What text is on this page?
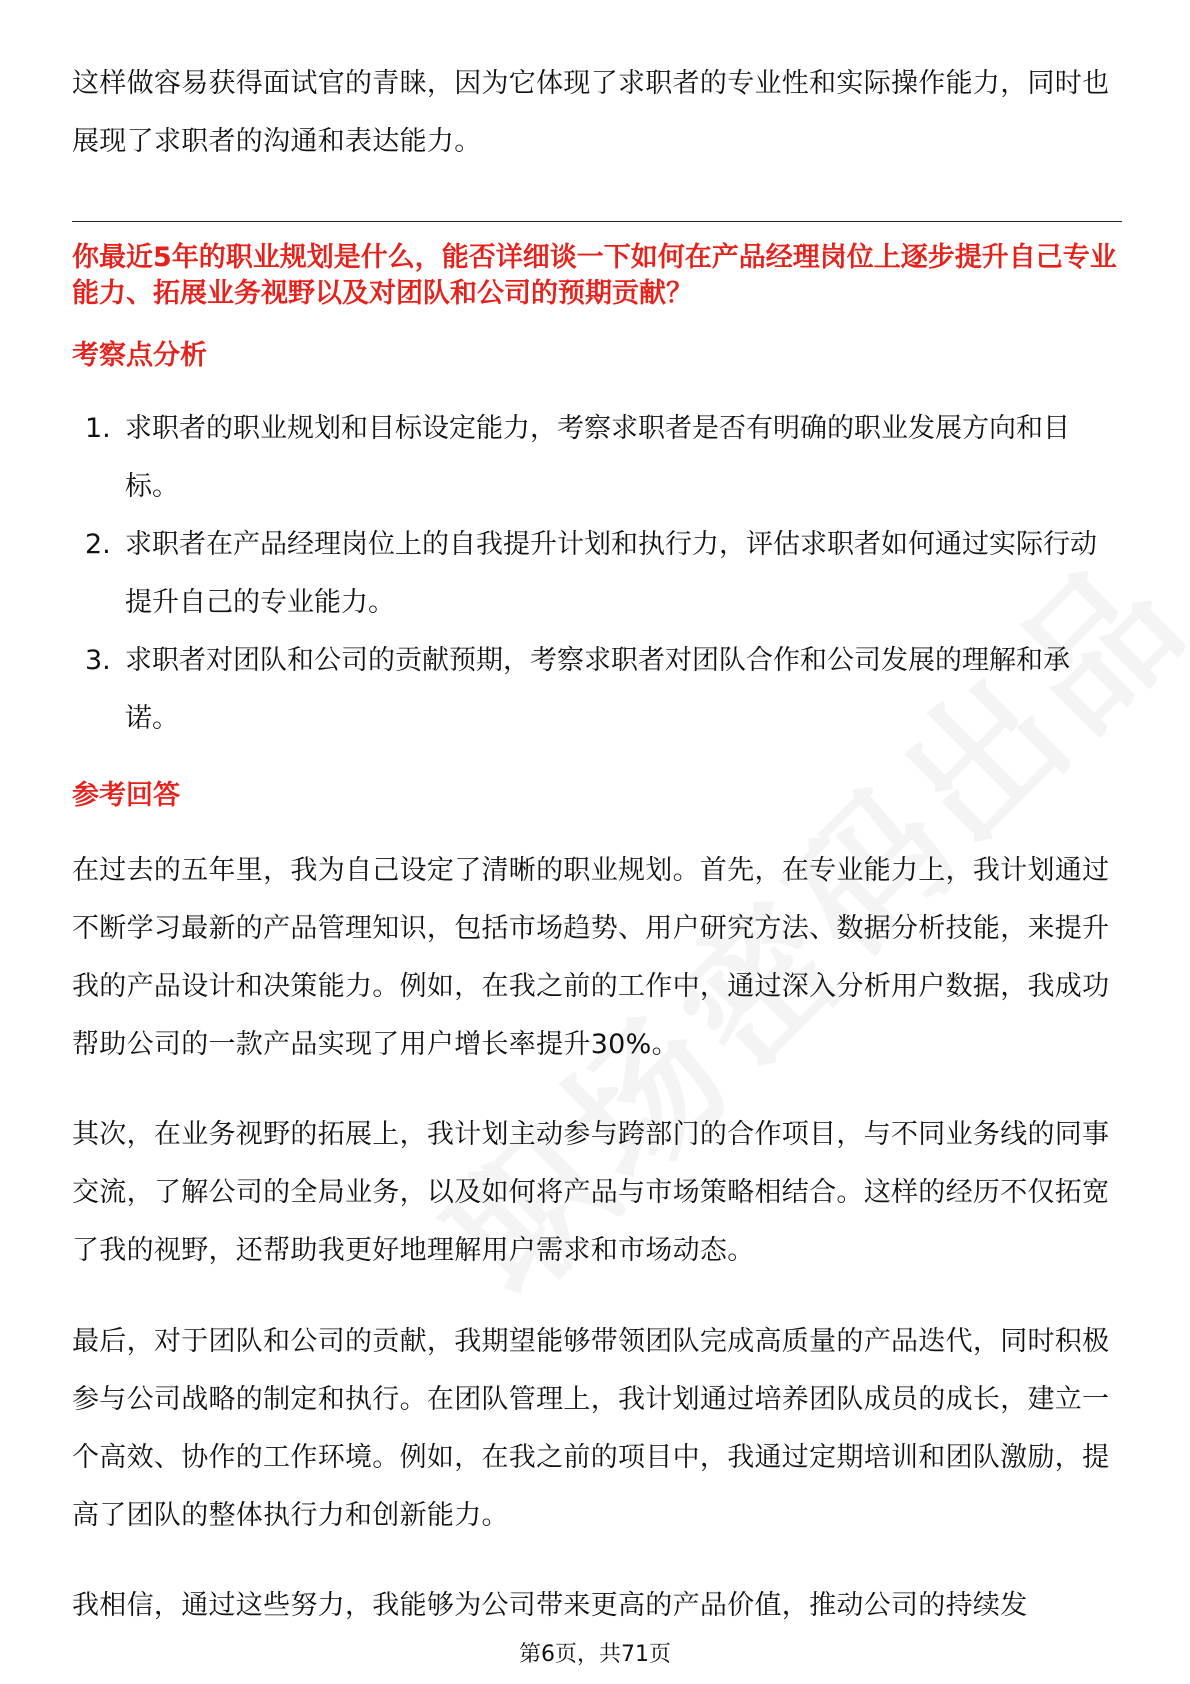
这样做容易获得面试官的青睐，因为它体现了求职者的专业性和实际操作能力，同时也展现了求职者的沟通和表达能力。

你最近5年的职业规划是什么，能否详细谈一下如何在产品经理岗位上逐步提升自己专业能力、拓展业务视野以及对团队和公司的预期贡献？

考察点分析

1. 求职者的职业规划和目标设定能力，考察求职者是否有明确的职业发展方向和目标。
2. 求职者在产品经理岗位上的自我提升计划和执行力，评估求职者如何通过实际行动提升自己的专业能力。
3. 求职者对团队和公司的贡献预期，考察求职者对团队合作和公司发展的理解和承诺。

参考回答

在过去的五年里，我为自己设定了清晰的职业规划。首先，在专业能力上，我计划通过不断学习最新的产品管理知识，包括市场趋势、用户研究方法、数据分析技能，来提升我的产品设计和决策能力。例如，在我之前的工作中，通过深入分析用户数据，我成功帮助公司的一款产品实现了用户增长率提升30%。

其次，在业务视野的拓展上，我计划主动参与跨部门的合作项目，与不同业务线的同事交流，了解公司的全局业务，以及如何将产品与市场策略相结合。这样的经历不仅拓宽了我的视野，还帮助我更好地理解用户需求和市场动态。

最后，对于团队和公司的贡献，我期望能够带领团队完成高质量的产品迭代，同时积极参与公司战略的制定和执行。在团队管理上，我计划通过培养团队成员的成长，建立一个高效、协作的工作环境。例如，在我之前的项目中，我通过定期培训和团队激励，提高了团队的整体执行力和创新能力。

我相信，通过这些努力，我能够为公司带来更高的产品价值，推动公司的持续发

第6页，共71页
